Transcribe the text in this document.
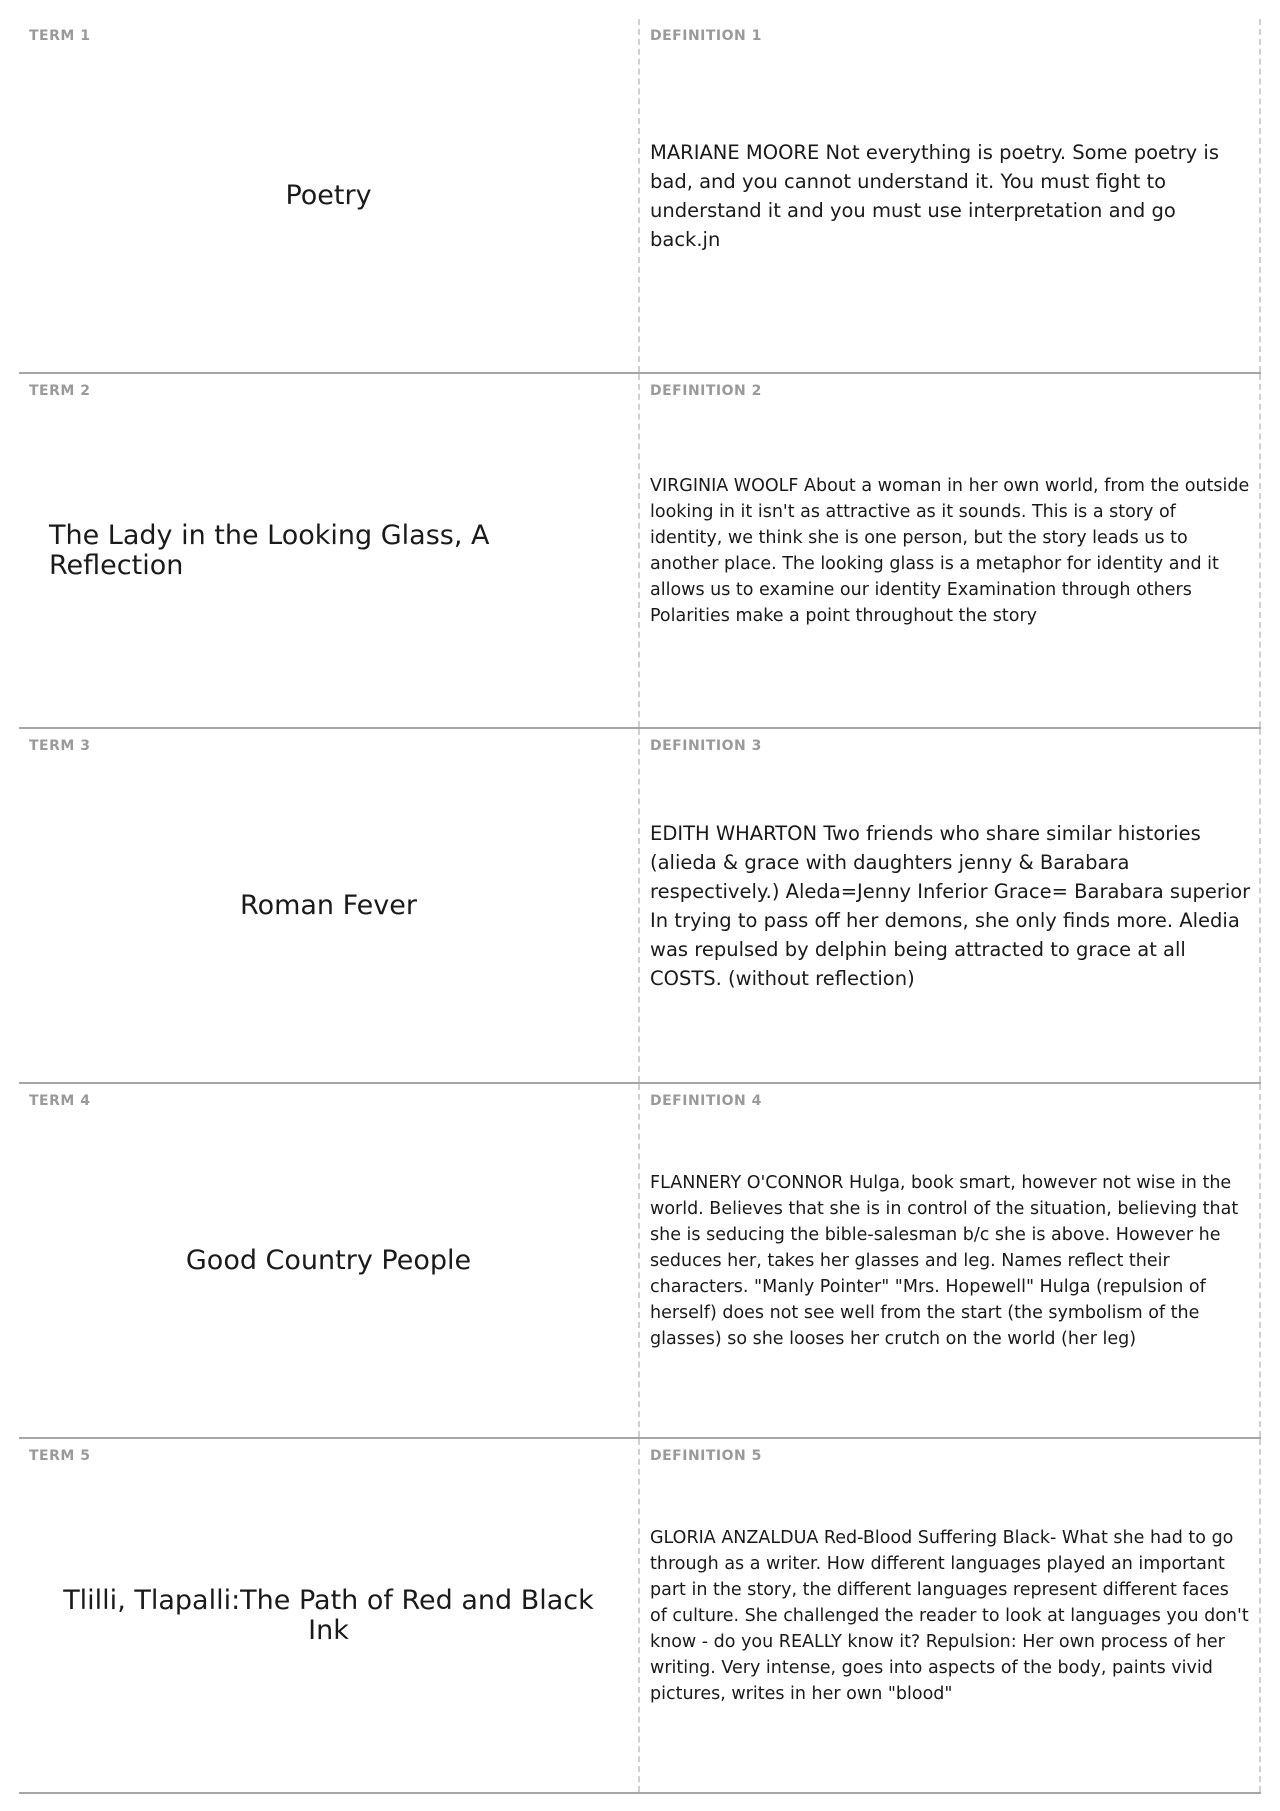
TERM 1
Poetry
DEFINITION 1
MARIANE MOORE Not everything is poetry. Some poetry is bad, and you cannot understand it. You must fight to understand it and you must use interpretation and go back.jn
TERM 2
The Lady in the Looking Glass, A Reflection
DEFINITION 2
VIRGINIA WOOLF About a woman in her own world, from the outside looking in it isn't as attractive as it sounds. This is a story of identity, we think she is one person, but the story leads us to another place. The looking glass is a metaphor for identity and it allows us to examine our identity Examination through others Polarities make a point throughout the story
TERM 3
Roman Fever
DEFINITION 3
EDITH WHARTON Two friends who share similar histories (alieda & grace with daughters jenny & Barabara respectively.) Aleda=Jenny Inferior Grace= Barabara superior In trying to pass off her demons, she only finds more. Aledia was repulsed by delphin being attracted to grace at all COSTS. (without reflection)
TERM 4
Good Country People
DEFINITION 4
FLANNERY O'CONNOR Hulga, book smart, however not wise in the world. Believes that she is in control of the situation, believing that she is seducing the bible-salesman b/c she is above. However he seduces her, takes her glasses and leg. Names reflect their characters. "Manly Pointer" "Mrs. Hopewell" Hulga (repulsion of herself) does not see well from the start (the symbolism of the glasses) so she looses her crutch on the world (her leg)
TERM 5
Tlilli, Tlapalli:The Path of Red and Black Ink
DEFINITION 5
GLORIA ANZALDUA Red-Blood Suffering Black- What she had to go through as a writer. How different languages played an important part in the story, the different languages represent different faces of culture. She challenged the reader to look at languages you don't know - do you REALLY know it? Repulsion: Her own process of her writing. Very intense, goes into aspects of the body, paints vivid pictures, writes in her own "blood"
